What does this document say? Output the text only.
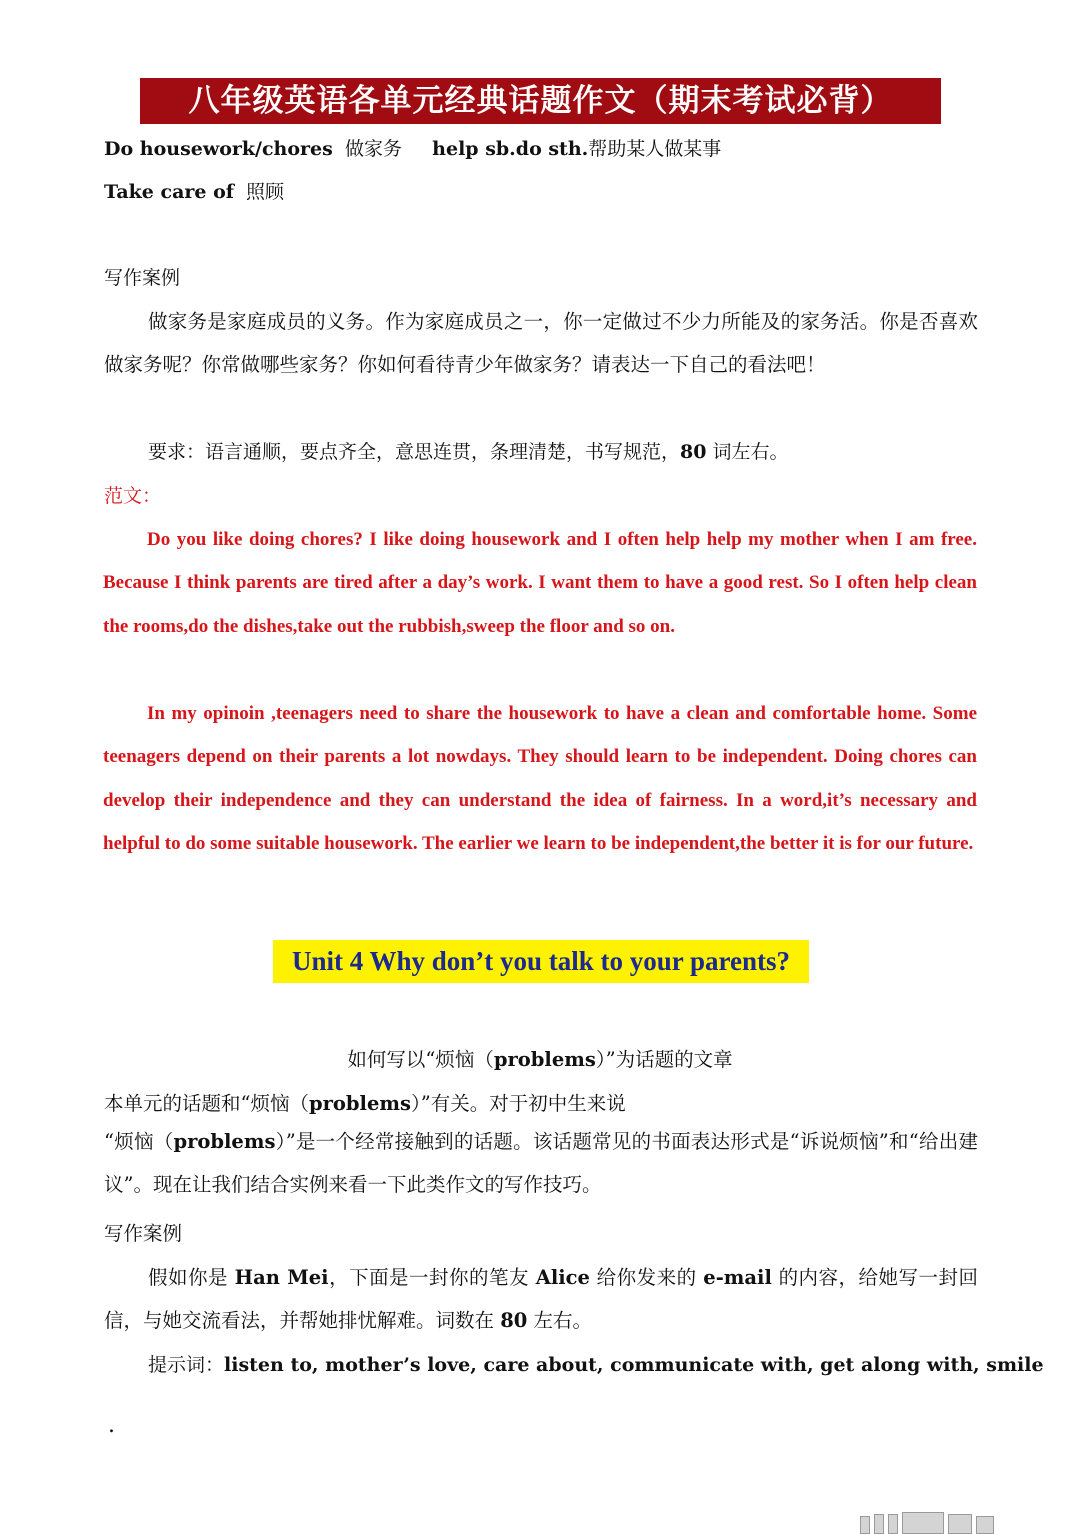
八年级英语各单元经典话题作文（期末考试必背）
Do housework/chores 做家务 help sb.do sth.帮助某人做某事
Take care of 照顾
写作案例

做家务是家庭成员的义务。作为家庭成员之一，你一定做过不少力所能及的家务活。你是否喜欢做家务呢？你常做哪些家务？你如何看待青少年做家务？请表达一下自己的看法吧！

要求：语言通顺，要点齐全，意思连贯，条理清楚，书写规范，80 词左右。
范文：

Do you like doing chores? I like doing housework and I often help help my mother when I am free. Because I think parents are tired after a day’s work. I want them to have a good rest. So I often help clean the rooms,do the dishes,take out the rubbish,sweep the floor and so on.

In my opinoin ,teenagers need to share the housework to have a clean and comfortable home. Some teenagers depend on their parents a lot nowdays. They should learn to be independent. Doing chores can develop their independence and they can understand the idea of fairness. In a word,it’s necessary and helpful to do some suitable housework. The earlier we learn to be independent,the better it is for our future.

Unit 4 Why don’t you talk to your parents?
如何写以“烦恼（problems）”为话题的文章
本单元的话题和“烦恼（problems）”有关。对于初中生来说

“烦恼（problems）”是一个经常接触到的话题。该话题常见的书面表达形式是“诉说烦恼”和“给出建议”。现在让我们结合实例来看一下此类作文的写作技巧。

写作案例

假如你是 Han Mei，下面是一封你的笔友 Alice 给你发来的 e-mail 的内容，给她写一封回信，与她交流看法，并帮她排忧解难。词数在 80 左右。

提示词：listen to, mother’s love, care about, communicate with, get along with, smile
.
